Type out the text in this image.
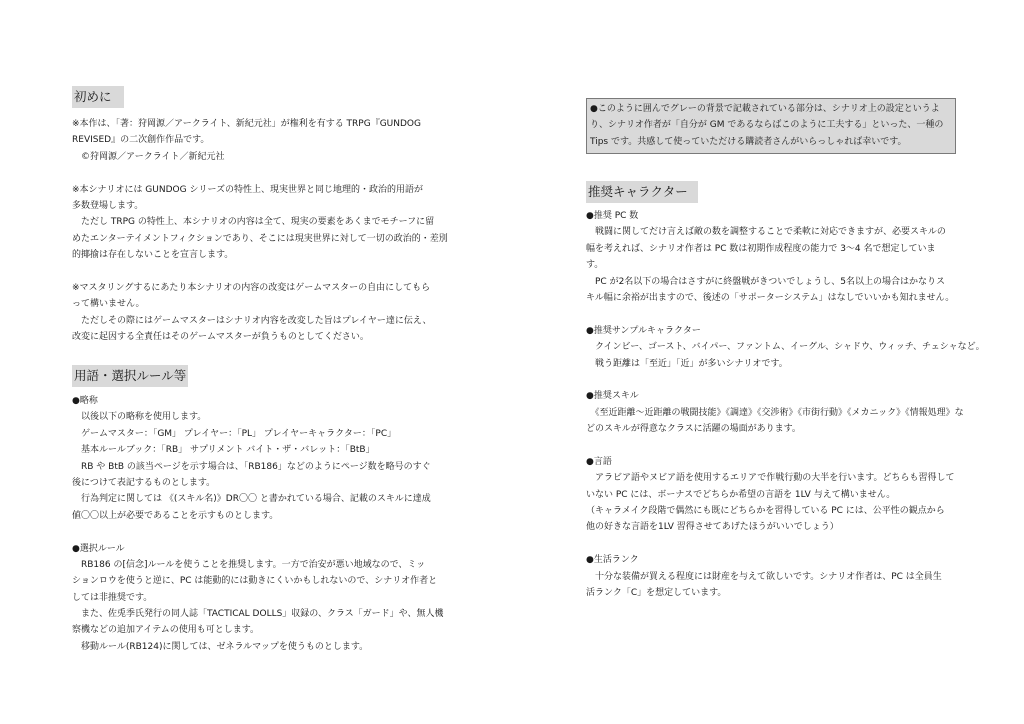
初めに
※本作は、「著：狩岡源／アークライト、新紀元社」が権利を有する TRPG『GUNDOG
REVISED』の二次創作作品です。
　©狩岡源／アークライト／新紀元社

※本シナリオには GUNDOG シリーズの特性上、現実世界と同じ地理的・政治的用語が
多数登場します。
　ただし TRPG の特性上、本シナリオの内容は全て、現実の要素をあくまでモチーフに留
めたエンターテイメントフィクションであり、そこには現実世界に対して一切の政治的・差別
的揶揄は存在しないことを宣言します。

※マスタリングするにあたり本シナリオの内容の改変はゲームマスターの自由にしてもら
って構いません。
　ただしその際にはゲームマスターはシナリオ内容を改変した旨はプレイヤー達に伝え、
改変に起因する全責任はそのゲームマスターが負うものとしてください。
用語・選択ルール等
●略称
　以後以下の略称を使用します。
　ゲームマスター：「GM」 プレイヤー：「PL」 プレイヤーキャラクター：「PC」
　基本ルールブック：「RB」 サプリメント バイト・ザ・バレット：「BtB」
　RB や BtB の該当ページを示す場合は、「RB186」などのようにページ数を略号のすぐ
後につけて表記するものとします。
　行為判定に関しては 《(スキル名)》DR〇〇 と書かれている場合、記載のスキルに達成
値〇〇以上が必要であることを示すものとします。

●選択ルール
　RB186 の[信念]ルールを使うことを推奨します。一方で治安が悪い地域なので、ミッ
ションロウを使うと逆に、PC は能動的には動きにくいかもしれないので、シナリオ作者と
しては非推奨です。
　また、佐兎季氏発行の同人誌「TACTICAL DOLLS」収録の、クラス「ガード」や、無人機
察機などの追加アイテムの使用も可とします。
　移動ルール(RB124)に関しては、ゼネラルマップを使うものとします。
●このように囲んでグレーの背景で記載されている部分は、シナリオ上の設定というよ
り、シナリオ作者が「自分が GM であるならばこのように工夫する」といった、一種の
Tips です。共感して使っていただける購読者さんがいらっしゃれば幸いです。
推奨キャラクター
●推奨 PC 数
　戦闘に関してだけ言えば敵の数を調整することで柔軟に対応できますが、必要スキルの
幅を考えれば、シナリオ作者は PC 数は初期作成程度の能力で 3～4 名で想定していま
す。
　PC が2名以下の場合はさすがに終盤戦がきついでしょうし、5名以上の場合はかなりス
キル幅に余裕が出ますので、後述の「サポーターシステム」はなしでいいかも知れません。

●推奨サンプルキャラクター
　クインビー、ゴースト、バイパー、ファントム、イーグル、シャドウ、ウィッチ、チェシャなど。
　戦う距離は「至近」「近」が多いシナリオです。

●推奨スキル
　《至近距離～近距離の戦闘技能》《調達》《交渉術》《市街行動》《メカニック》《情報処理》な
どのスキルが得意なクラスに活躍の場面があります。

●言語
　アラビア語やヌビア語を使用するエリアで作戦行動の大半を行います。どちらも習得して
いない PC には、ボーナスでどちらか希望の言語を 1LV 与えて構いません。
（キャラメイク段階で偶然にも既にどちらかを習得している PC には、公平性の観点から
他の好きな言語を1LV 習得させてあげたほうがいいでしょう）

●生活ランク
　十分な装備が買える程度には財産を与えて欲しいです。シナリオ作者は、PC は全員生
活ランク「C」を想定しています。
